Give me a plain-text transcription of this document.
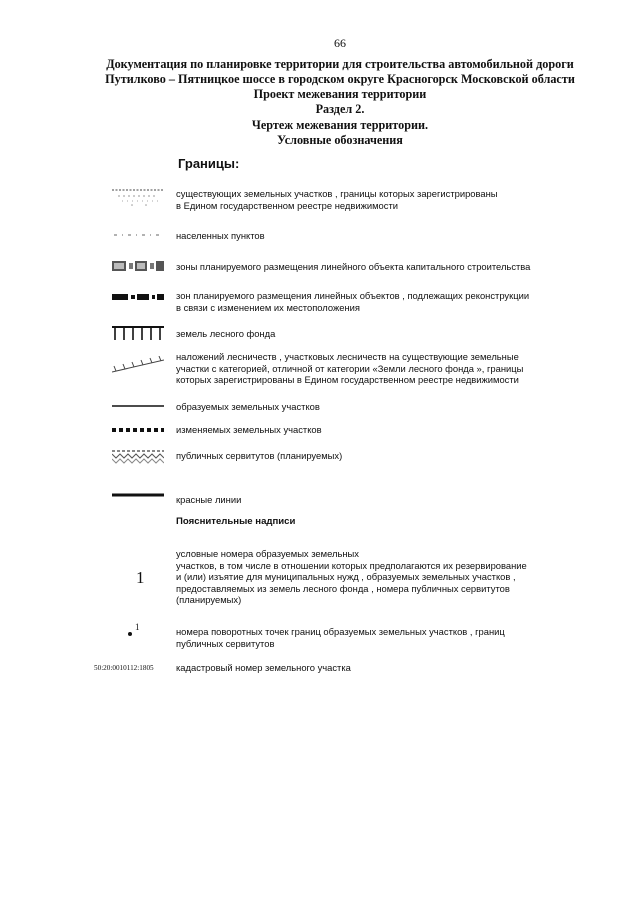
66
Документация по планировке территории для строительства автомобильной дороги
Путилково – Пятницкое шоссе в городском округе Красногорск Московской области
Проект межевания территории
Раздел 2.
Чертеж межевания территории.
Условные обозначения
Границы:
существующих земельных участков , границы которых зарегистрированы
в Едином государственном реестре недвижимости
населенных пунктов
зоны планируемого размещения линейного объекта капитального строительства
зон планируемого размещения линейных объектов , подлежащих реконструкции
в связи с изменением их местоположения
земель лесного фонда
наложений лесничеств , участковых лесничеств на существующие земельные
участки с категорией, отличной от категории «Земли лесного фонда », границы
которых зарегистрированы в Едином государственном реестре недвижимости
образуемых земельных участков
изменяемых земельных участков
публичных сервитутов (планируемых)
красные линии
Пояснительные надписи
1
1
50:20:0010112:1805
условные номера образуемых земельных
участков, в том числе в отношении которых предполагаются их резервирование
и (или) изъятие для муниципальных нужд , образуемых земельных участков ,
предоставляемых из земель лесного фонда , номера публичных сервитутов
(планируемых)
номера поворотных точек границ образуемых земельных участков , границ
публичных сервитутов
кадастровый номер земельного участка
